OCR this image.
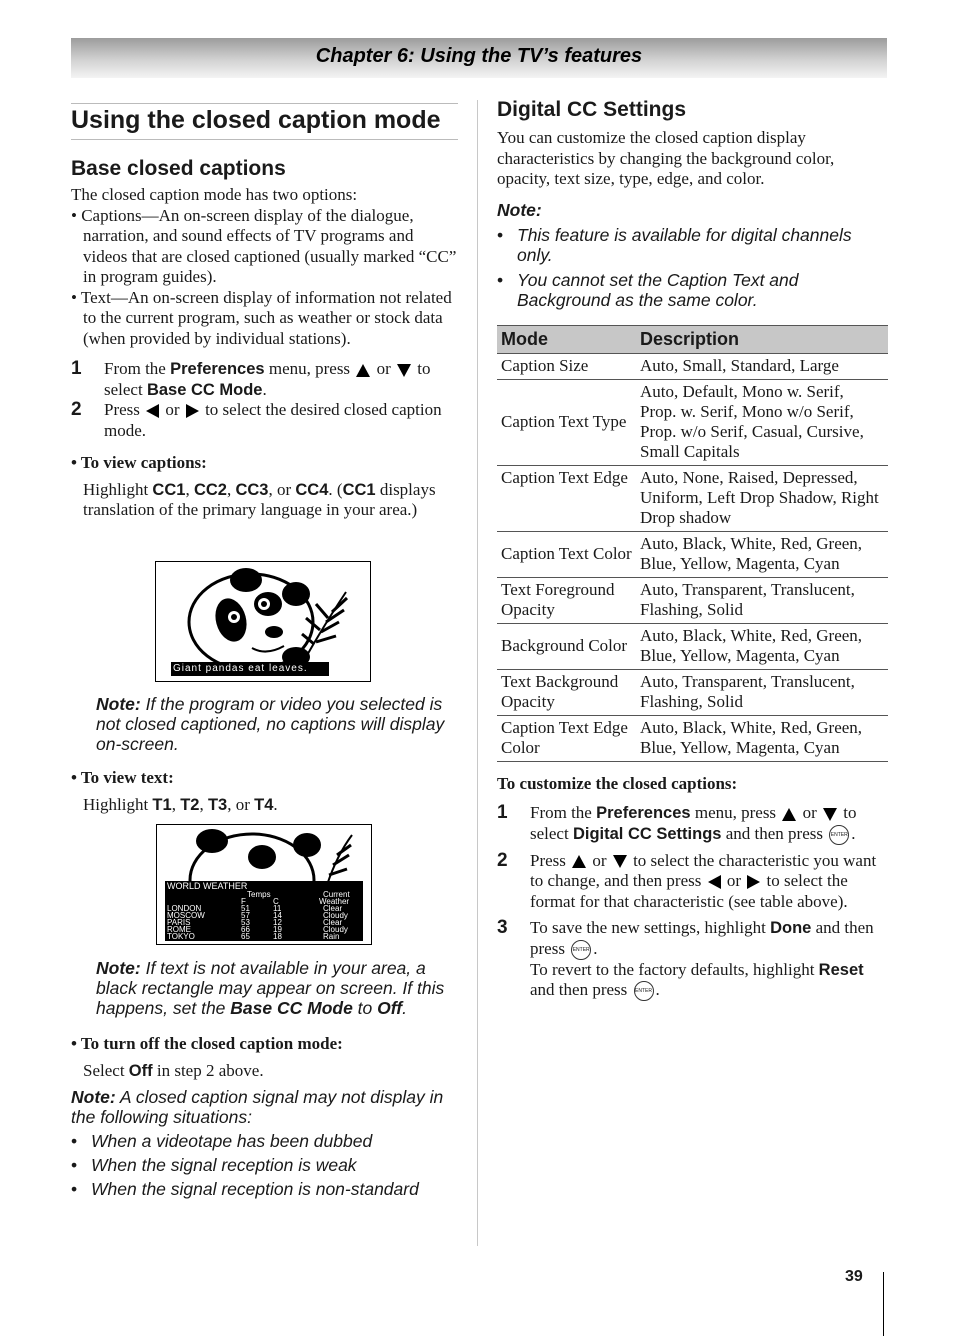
Chapter 6: Using the TV’s features
Using the closed caption mode
Base closed captions

The closed caption mode has two options:

• Captions—An on-screen display of the dialogue, narration, and sound effects of TV programs and videos that are closed captioned (usually marked “CC” in program guides).

• Text—An on-screen display of information not related to the current program, such as weather or stock data (when provided by individual stations).

1 From the Preferences menu, press  or  to select Base CC Mode.
2 Press  or  to select the desired closed caption mode.

• To view captions:

Highlight CC1, CC2, CC3, or CC4. (CC1 displays translation of the primary language in your area.)

Giant pandas eat leaves.

Note: If the program or video you selected is not closed captioned, no captions will display on-screen.

• To view text:

Highlight T1, T2, T3, or T4.

WORLD WEATHER
Temps	Current
F	C	Weather
LONDON	51	11	Clear
MOSCOW	57	14	Cloudy
PARIS	53	12	Clear
ROME	66	19	Cloudy
TOKYO	65	18	Rain

Note: If text is not available in your area, a black rectangle may appear on screen. If this happens, set the Base CC Mode to Off.

• To turn off the closed caption mode:

Select Off in step 2 above.

Note: A closed caption signal may not display in the following situations:

• When a videotape has been dubbed

• When the signal reception is weak

• When the signal reception is non-standard

Digital CC Settings

You can customize the closed caption display characteristics by changing the background color, opacity, text size, type, edge, and color.

Note:

• This feature is available for digital channels only.

• You cannot set the Caption Text and Background as the same color.

Mode	Description
Caption Size	Auto, Small, Standard, Large
Caption Text Type	Auto, Default, Mono w. Serif, Prop. w. Serif, Mono w/o Serif, Prop. w/o Serif, Casual, Cursive, Small Capitals
Caption Text Edge	Auto, None, Raised, Depressed, Uniform, Left Drop Shadow, Right Drop shadow
Caption Text Color	Auto, Black, White, Red, Green, Blue, Yellow, Magenta, Cyan
Text Foreground Opacity	Auto, Transparent, Translucent, Flashing, Solid
Background Color	Auto, Black, White, Red, Green, Blue, Yellow, Magenta, Cyan
Text Background Opacity	Auto, Transparent, Translucent, Flashing, Solid
Caption Text Edge Color	Auto, Black, White, Red, Green, Blue, Yellow, Magenta, Cyan

To customize the closed captions:

1 From the Preferences menu, press  or  to select Digital CC Settings and then press ENTER .
2 Press  or  to select the characteristic you want to change, and then press  or  to select the format for that characteristic (see table above).
3 To save the new settings, highlight Done and then press ENTER .
To revert to the factory defaults, highlight Reset and then press ENTER .
39
